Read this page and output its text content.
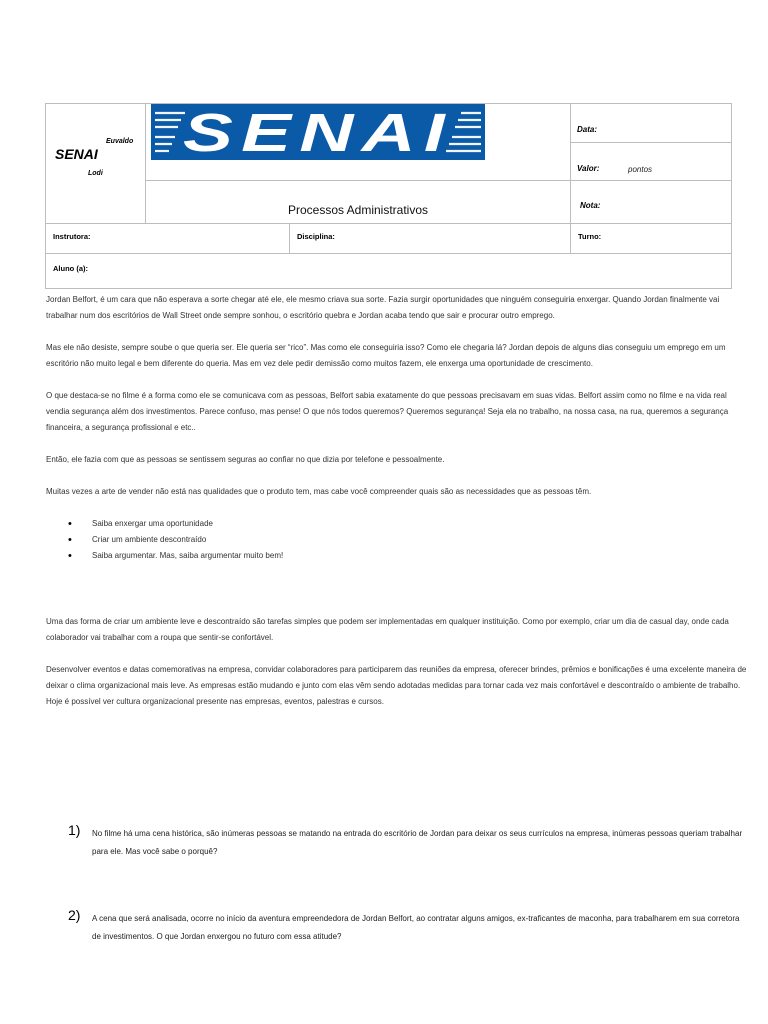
Euvaldo
SENAI
Lodi	SENAI		Data:

			Valor: pontos

	Processos Administrativos		Nota:

Instrutora:		Disciplina:	Turno:

Aluno (a):			

Jordan Belfort, é um cara que não esperava a sorte chegar até ele, ele mesmo criava sua sorte. Fazia surgir oportunidades que ninguém conseguiria enxergar. Quando Jordan finalmente vai trabalhar num dos escritórios de Wall Street onde sempre sonhou, o escritório quebra e Jordan acaba tendo que sair e procurar outro emprego.

Mas ele não desiste, sempre soube o que queria ser. Ele queria ser “rico”. Mas como ele conseguiria isso? Como ele chegaria lá? Jordan depois de alguns dias conseguiu um emprego em um escritório não muito legal e bem diferente do queria. Mas em vez dele pedir demissão como muitos fazem, ele enxerga uma oportunidade de crescimento.

O que destaca-se no filme é a forma como ele se comunicava com as pessoas, Belfort sabia exatamente do que pessoas precisavam em suas vidas. Belfort assim como no filme e na vida real vendia segurança além dos investimentos. Parece confuso, mas pense! O que nós todos queremos? Queremos segurança! Seja ela no trabalho, na nossa casa, na rua, queremos a segurança financeira, a segurança profissional e etc..

Então, ele fazia com que as pessoas se sentissem seguras ao confiar no que dizia por telefone e pessoalmente.

Muitas vezes a arte de vender não está nas qualidades que o produto tem, mas cabe você compreender quais são as necessidades que as pessoas têm.

•	Saiba enxergar uma oportunidade
•	Criar um ambiente descontraído
•	Saiba argumentar. Mas, saiba argumentar muito bem!

Uma das forma de criar um ambiente leve e descontraído são tarefas simples que podem ser implementadas em qualquer instituição. Como por exemplo, criar um dia de casual day, onde cada colaborador vai trabalhar com a roupa que sentir-se confortável.

Desenvolver eventos e datas comemorativas na empresa, convidar colaboradores para participarem das reuniões da empresa, oferecer brindes, prêmios e bonificações é uma excelente maneira de deixar o clima organizacional mais leve. As empresas estão mudando e junto com elas vêm sendo adotadas medidas para tornar cada vez mais confortável e descontraído o ambiente de trabalho. Hoje é possível ver cultura organizacional presente nas empresas, eventos, palestras e cursos.

1) No filme há uma cena histórica, são inúmeras pessoas se matando na entrada do escritório de Jordan para deixar os seus currículos na empresa, inúmeras pessoas queriam trabalhar para ele. Mas você sabe o porquê?
2) A cena que será analisada, ocorre no início da aventura empreendedora de Jordan Belfort, ao contratar alguns amigos, ex-traficantes de maconha, para trabalharem em sua corretora de investimentos. O que Jordan enxergou no futuro com essa atitude?
